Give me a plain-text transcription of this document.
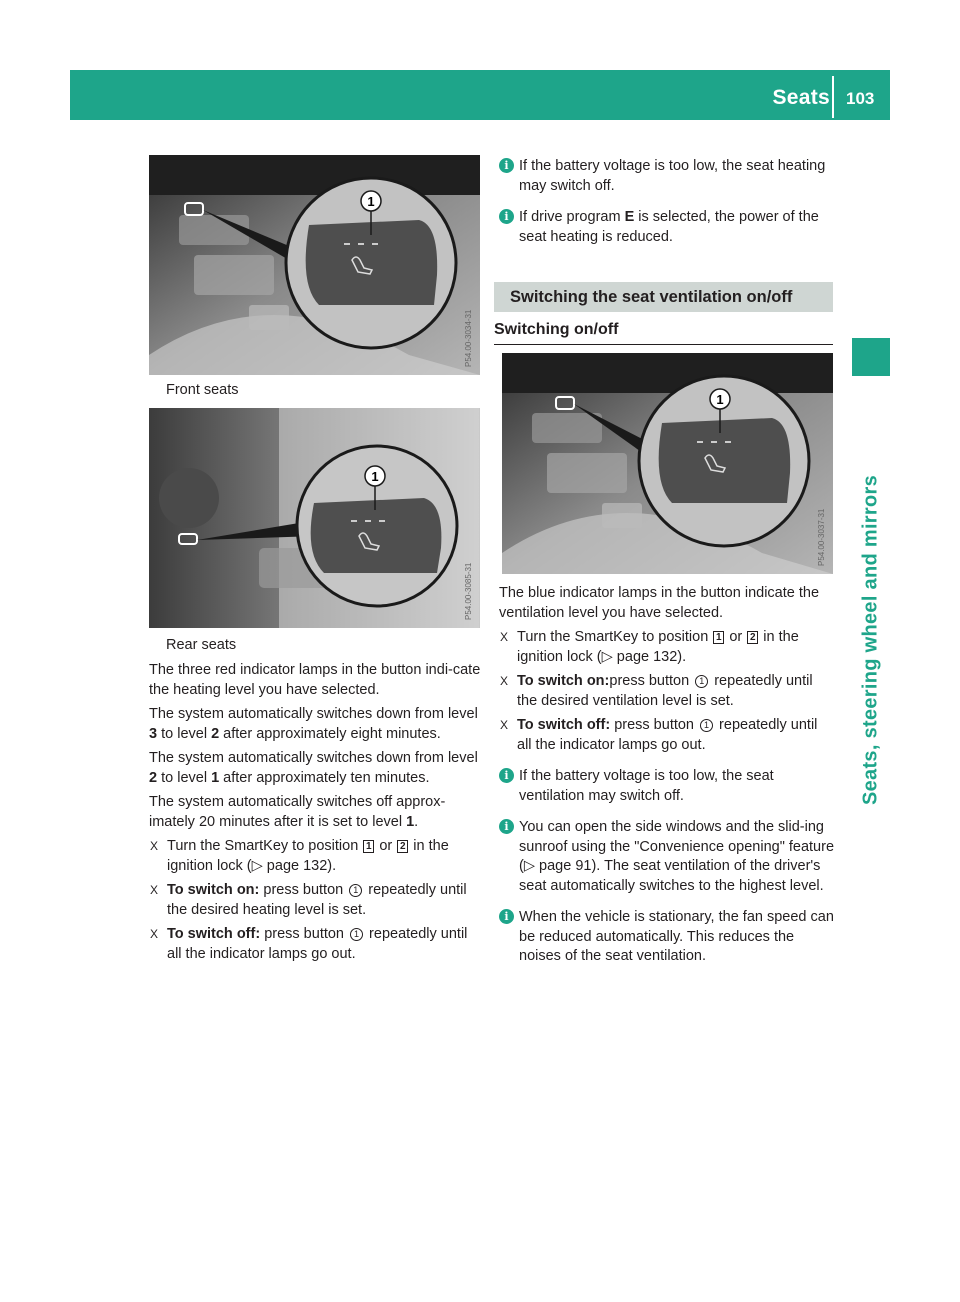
Seats 103
Seats, steering wheel and mirrors
1
P54.00-3034-31
Front seats
1
P54.00-3085-31
Rear seats

The three red indicator lamps in the button indi-cate the heating level you have selected.

The system automatically switches down from level 3 to level 2 after approximately eight minutes.

The system automatically switches down from level 2 to level 1 after approximately ten minutes.

The system automatically switches off approx-imately 20 minutes after it is set to level 1.

X Turn the SmartKey to position 1 or 2 in the ignition lock (▷ page 132).
X To switch on: press button 1 repeatedly until the desired heating level is set.
X To switch off: press button 1 repeatedly until all the indicator lamps go out.
i If the battery voltage is too low, the seat heating may switch off.
i If drive program E is selected, the power of the seat heating is reduced.
Switching the seat ventilation on/off
Switching on/off
1
P54.00-3037-31

The blue indicator lamps in the button indicate the ventilation level you have selected.

X Turn the SmartKey to position 1 or 2 in the ignition lock (▷ page 132).
X To switch on:press button 1 repeatedly until the desired ventilation level is set.
X To switch off: press button 1 repeatedly until all the indicator lamps go out.
i If the battery voltage is too low, the seat ventilation may switch off.
i You can open the side windows and the slid-ing sunroof using the "Convenience opening" feature (▷ page 91). The seat ventilation of the driver's seat automatically switches to the highest level.
i When the vehicle is stationary, the fan speed can be reduced automatically. This reduces the noises of the seat ventilation.
